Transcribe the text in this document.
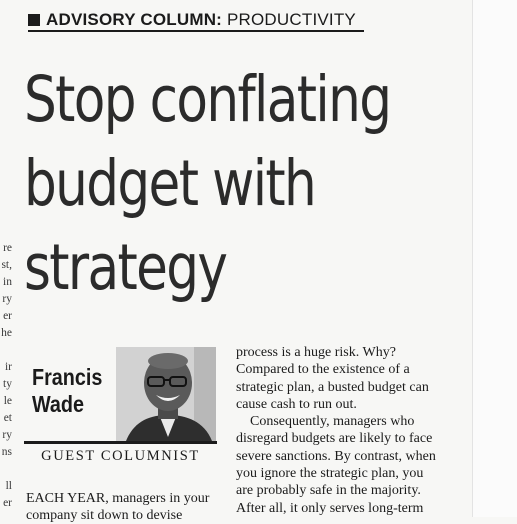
re
st,
in
ry
er
he
ir
ty
le
et
ry
ns
ll
er
ADVISORY COLUMN: PRODUCTIVITY
Stop conflating
budget with
strategy
Francis
Wade
GUEST COLUMNIST
EACH YEAR, managers in your
company sit down to devise
process is a huge risk. Why?
Compared to the existence of a
strategic plan, a busted budget can
cause cash to run out.
Consequently, managers who
disregard budgets are likely to face
severe sanctions. By contrast, when
you ignore the strategic plan, you
are probably safe in the majority.
After all, it only serves long-term
